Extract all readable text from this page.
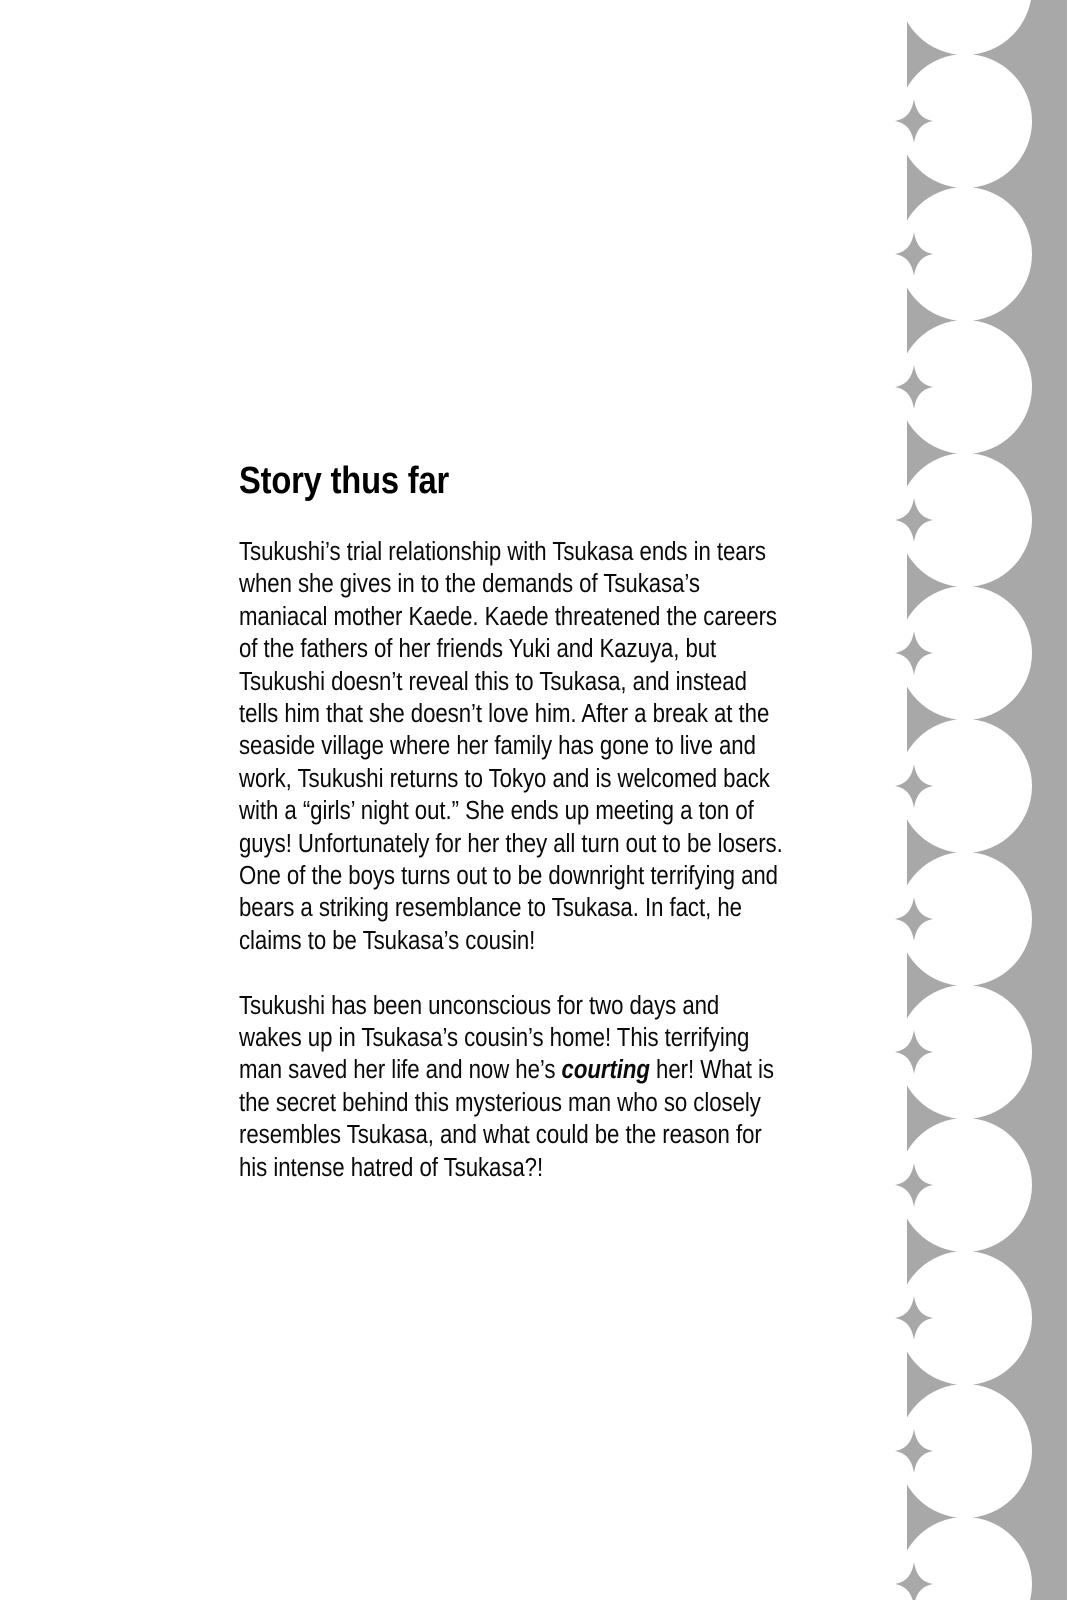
Story thus far

Tsukushi’s trial relationship with Tsukasa ends in tears when she gives in to the demands of Tsukasa’s maniacal mother Kaede. Kaede threatened the careers of the fathers of her friends Yuki and Kazuya, but Tsukushi doesn’t reveal this to Tsukasa, and instead tells him that she doesn’t love him. After a break at the seaside village where her family has gone to live and work, Tsukushi returns to Tokyo and is welcomed back with a “girls’ night out.” She ends up meeting a ton of guys! Unfortunately for her they all turn out to be losers. One of the boys turns out to be downright terrifying and bears a striking resemblance to Tsukasa. In fact, he claims to be Tsukasa’s cousin!

Tsukushi has been unconscious for two days and wakes up in Tsukasa’s cousin’s home! This terrifying man saved her life and now he’s courting her! What is the secret behind this mysterious man who so closely resembles Tsukasa, and what could be the reason for his intense hatred of Tsukasa?!
